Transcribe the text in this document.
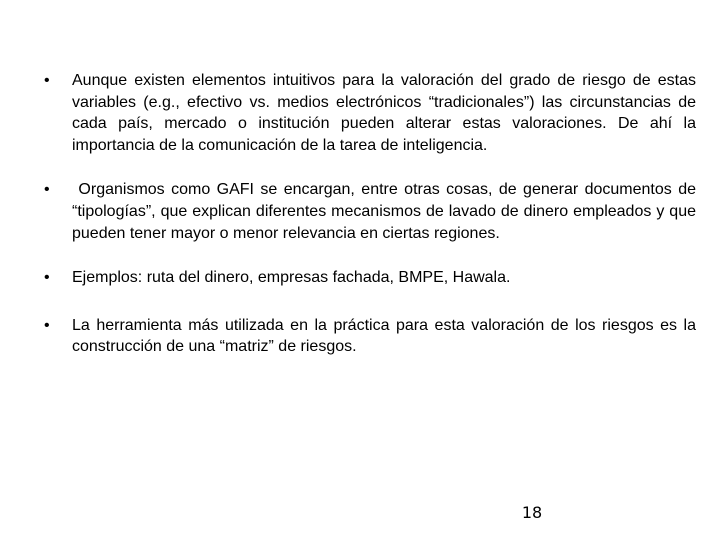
•	Aunque existen elementos intuitivos para la valoración del grado de riesgo de estas variables (e.g., efectivo vs. medios electrónicos “tradicionales”) las circunstancias de cada país, mercado o institución pueden alterar estas valoraciones. De ahí la importancia de la comunicación de la tarea de inteligencia.
•	Organismos como GAFI se encargan, entre otras cosas, de generar documentos de “tipologías”, que explican diferentes mecanismos de lavado de dinero empleados y que pueden tener mayor o menor relevancia en ciertas regiones.
•	Ejemplos: ruta del dinero, empresas fachada, BMPE, Hawala.
•	La herramienta más utilizada en la práctica para esta valoración de los riesgos es la construcción de una “matriz” de riesgos.
18
